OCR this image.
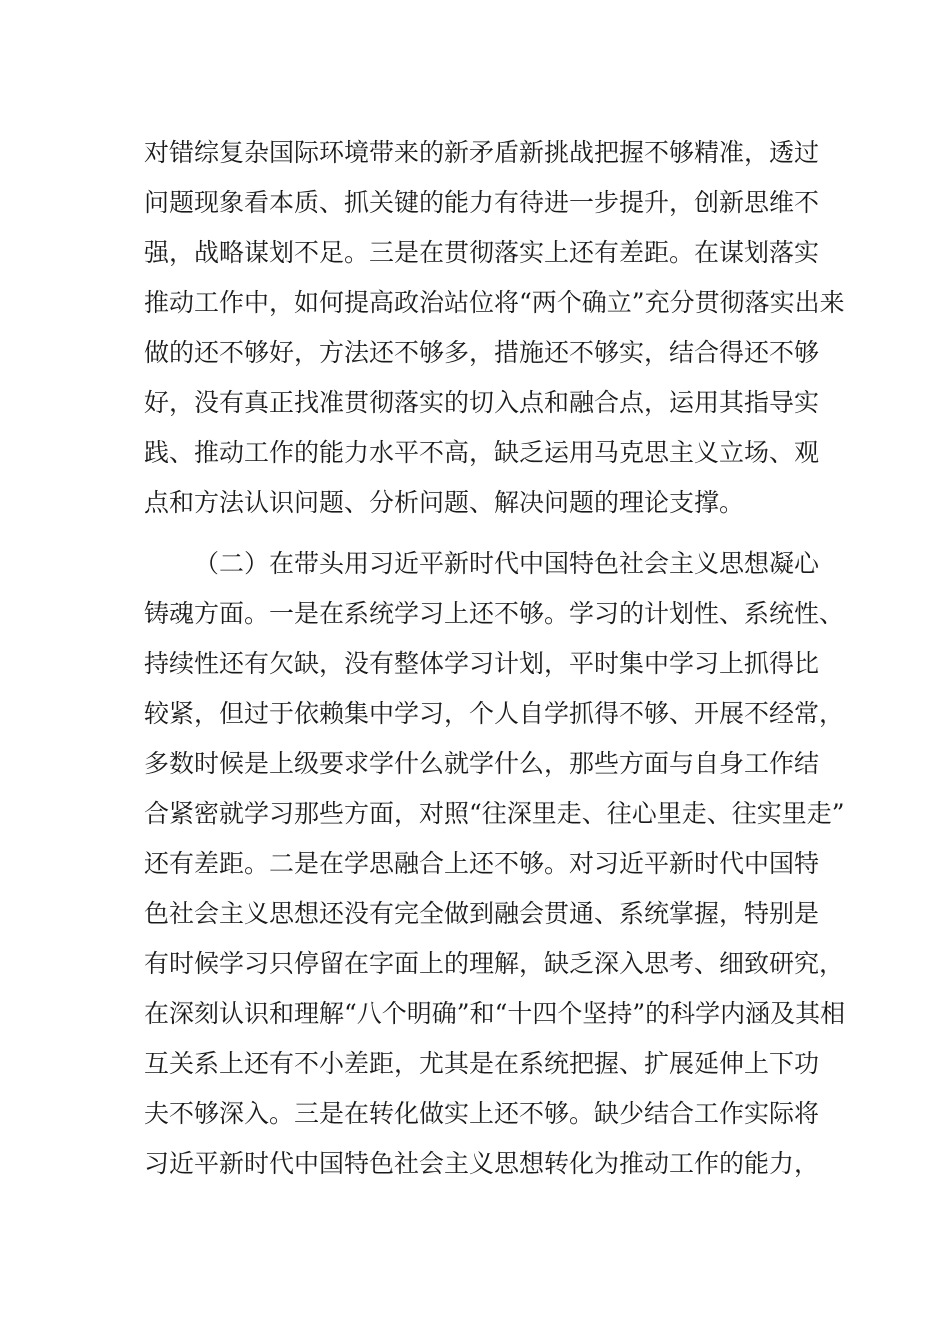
对错综复杂国际环境带来的新矛盾新挑战把握不够精准，透过
问题现象看本质、抓关键的能力有待进一步提升，创新思维不
强，战略谋划不足。三是在贯彻落实上还有差距。在谋划落实
推动工作中，如何提高政治站位将“两个确立”充分贯彻落实出来
做的还不够好，方法还不够多，措施还不够实，结合得还不够
好，没有真正找准贯彻落实的切入点和融合点，运用其指导实
践、推动工作的能力水平不高，缺乏运用马克思主义立场、观
点和方法认识问题、分析问题、解决问题的理论支撑。
（二）在带头用习近平新时代中国特色社会主义思想凝心
铸魂方面。一是在系统学习上还不够。学习的计划性、系统性、
持续性还有欠缺，没有整体学习计划，平时集中学习上抓得比
较紧，但过于依赖集中学习，个人自学抓得不够、开展不经常，
多数时候是上级要求学什么就学什么，那些方面与自身工作结
合紧密就学习那些方面，对照“往深里走、往心里走、往实里走”
还有差距。二是在学思融合上还不够。对习近平新时代中国特
色社会主义思想还没有完全做到融会贯通、系统掌握，特别是
有时候学习只停留在字面上的理解，缺乏深入思考、细致研究，
在深刻认识和理解“八个明确”和“十四个坚持”的科学内涵及其相
互关系上还有不小差距，尤其是在系统把握、扩展延伸上下功
夫不够深入。三是在转化做实上还不够。缺少结合工作实际将
习近平新时代中国特色社会主义思想转化为推动工作的能力，
